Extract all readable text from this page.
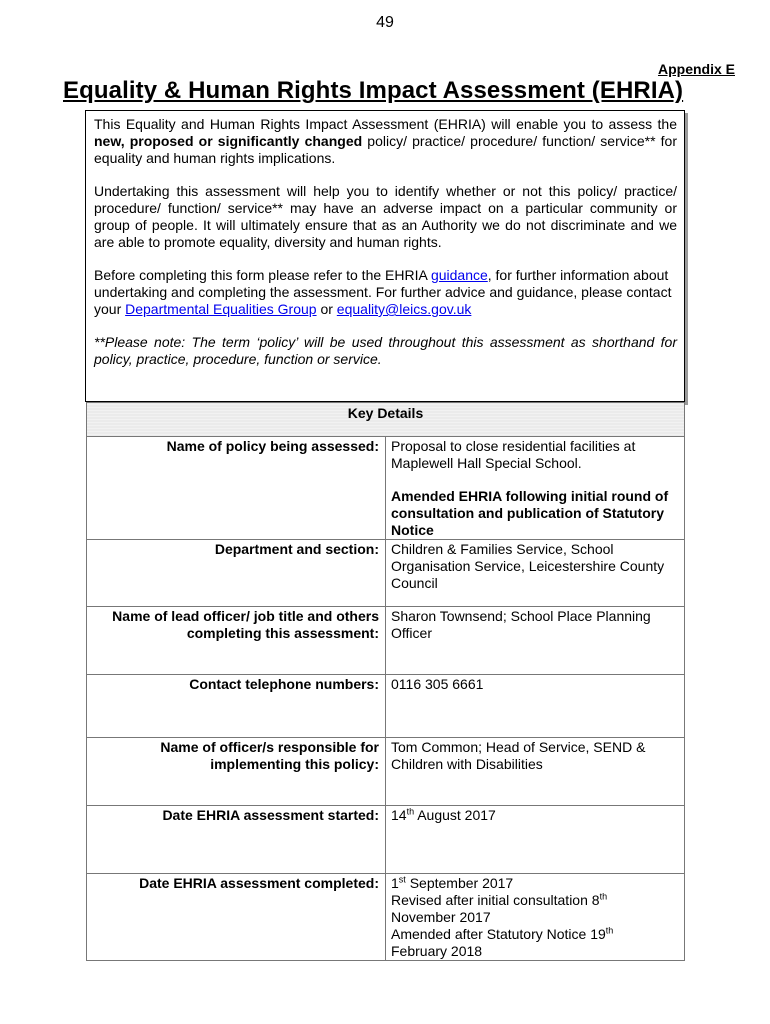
49
Appendix E
Equality & Human Rights Impact Assessment (EHRIA)

This Equality and Human Rights Impact Assessment (EHRIA) will enable you to assess the new, proposed or significantly changed policy/ practice/ procedure/ function/ service** for equality and human rights implications.

Undertaking this assessment will help you to identify whether or not this policy/ practice/ procedure/ function/ service** may have an adverse impact on a particular community or group of people. It will ultimately ensure that as an Authority we do not discriminate and we are able to promote equality, diversity and human rights.

Before completing this form please refer to the EHRIA guidance, for further information about undertaking and completing the assessment. For further advice and guidance, please contact your Departmental Equalities Group or equality@leics.gov.uk

**Please note: The term ‘policy’ will be used throughout this assessment as shorthand for policy, practice, procedure, function or service.

Key Details	
Name of policy being assessed:	Proposal to close residential facilities at Maplewell Hall Special School.
Amended EHRIA following initial round of consultation and publication of Statutory Notice

Department and section:	Children & Families Service, School Organisation Service, Leicestershire County Council
Name of lead officer/ job title and others completing this assessment:	Sharon Townsend; School Place Planning Officer
Contact telephone numbers:	0116 305 6661
Name of officer/s responsible for implementing this policy:	Tom Common; Head of Service, SEND & Children with Disabilities
Date EHRIA assessment started:	14th August 2017
Date EHRIA assessment completed:	1st September 2017
Revised after initial consultation 8th
November 2017
Amended after Statutory Notice 19th
February 2018
